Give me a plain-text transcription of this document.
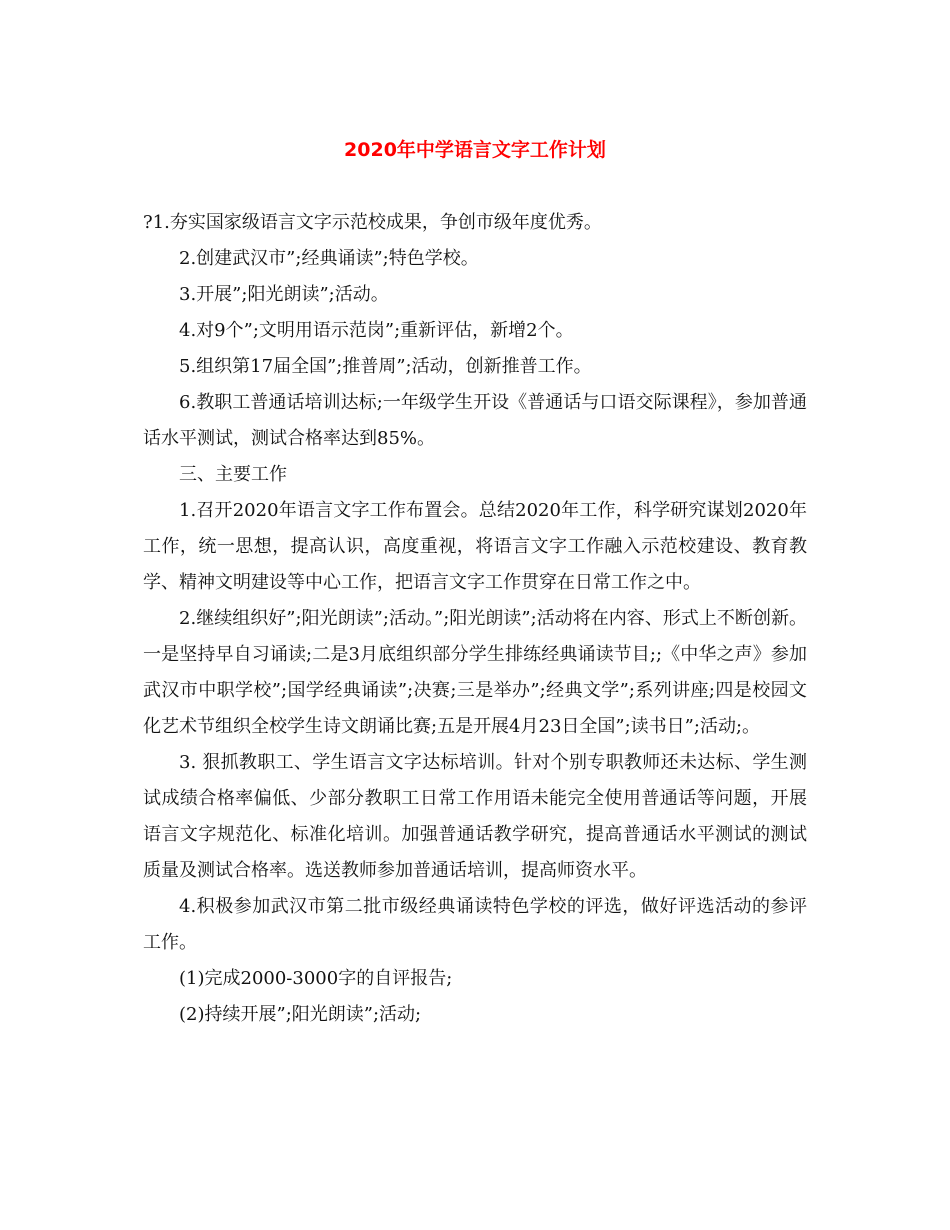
2020年中学语言文字工作计划

?1.夯实国家级语言文字示范校成果，争创市级年度优秀。

2.创建武汉市”;经典诵读”;特色学校。

3.开展”;阳光朗读”;活动。

4.对9个”;文明用语示范岗”;重新评估，新增2个。

5.组织第17届全国”;推普周”;活动，创新推普工作。

6.教职工普通话培训达标;一年级学生开设《普通话与口语交际课程》，参加普通话水平测试，测试合格率达到85%。

三、主要工作

1.召开2020年语言文字工作布置会。总结2020年工作，科学研究谋划2020年工作，统一思想，提高认识，高度重视，将语言文字工作融入示范校建设、教育教学、精神文明建设等中心工作，把语言文字工作贯穿在日常工作之中。

2.继续组织好”;阳光朗读”;活动。”;阳光朗读”;活动将在内容、形式上不断创新。一是坚持早自习诵读;二是3月底组织部分学生排练经典诵读节目;;《中华之声》参加武汉市中职学校”;国学经典诵读”;决赛;三是举办”;经典文学”;系列讲座;四是校园文化艺术节组织全校学生诗文朗诵比赛;五是开展4月23日全国”;读书日”;活动;。

3. 狠抓教职工、学生语言文字达标培训。针对个别专职教师还未达标、学生测试成绩合格率偏低、少部分教职工日常工作用语未能完全使用普通话等问题，开展语言文字规范化、标准化培训。加强普通话教学研究，提高普通话水平测试的测试质量及测试合格率。选送教师参加普通话培训，提高师资水平。

4.积极参加武汉市第二批市级经典诵读特色学校的评选，做好评选活动的参评工作。

(1)完成2000-3000字的自评报告;

(2)持续开展”;阳光朗读”;活动;
